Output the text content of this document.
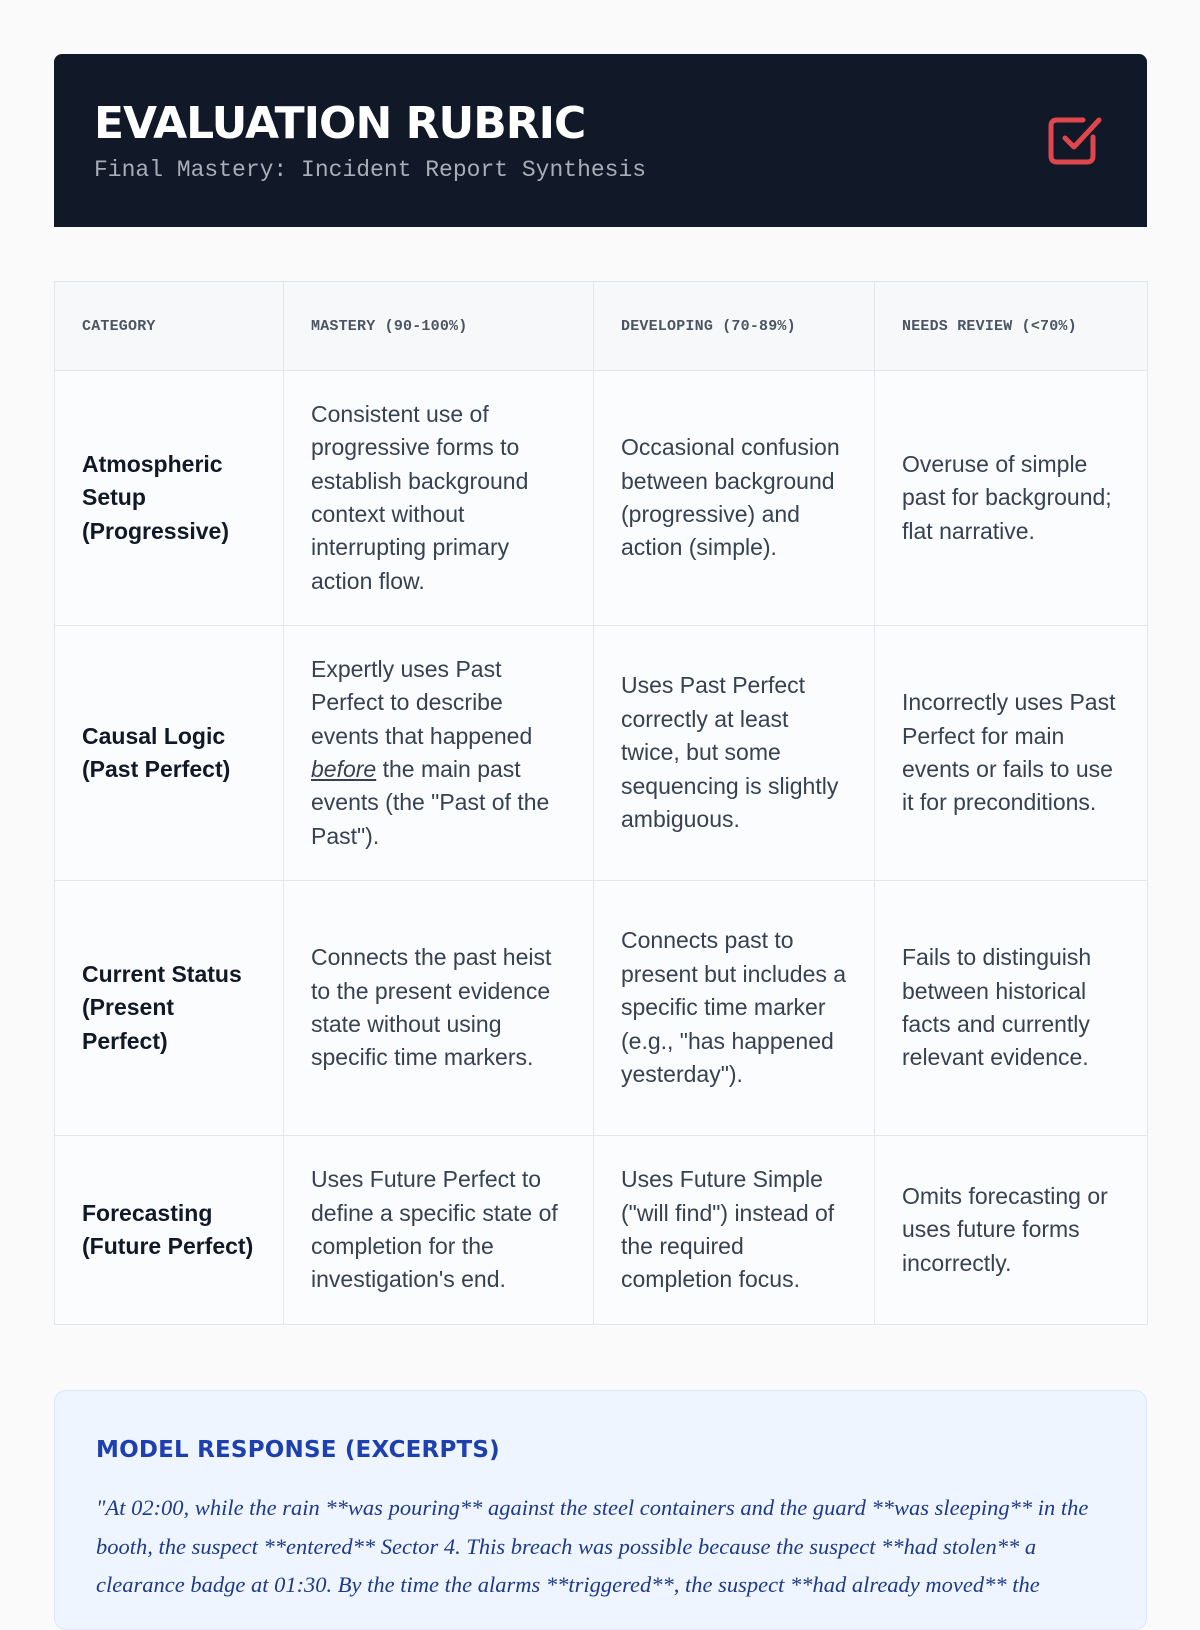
EVALUATION RUBRIC
Final Mastery: Incident Report Synthesis
CATEGORY	MASTERY (90-100%)	DEVELOPING (70-89%)	NEEDS REVIEW (<70%)
Atmospheric Setup (Progressive)	Consistent use of progressive forms to establish background context without interrupting primary action flow.	Occasional confusion between background (progressive) and action (simple).	Overuse of simple past for background; flat narrative.
Causal Logic (Past Perfect)	Expertly uses Past Perfect to describe events that happened before the main past events (the "Past of the Past").	Uses Past Perfect correctly at least twice, but some sequencing is slightly ambiguous.	Incorrectly uses Past Perfect for main events or fails to use it for preconditions.
Current Status (Present Perfect)	Connects the past heist to the present evidence state without using specific time markers.	Connects past to present but includes a specific time marker (e.g., "has happened yesterday").	Fails to distinguish between historical facts and currently relevant evidence.
Forecasting (Future Perfect)	Uses Future Perfect to define a specific state of completion for the investigation's end.	Uses Future Simple ("will find") instead of the required completion focus.	Omits forecasting or uses future forms incorrectly.
MODEL RESPONSE (EXCERPTS)

"At 02:00, while the rain **was pouring** against the steel containers and the guard **was sleeping** in the booth, the suspect **entered** Sector 4. This breach was possible because the suspect **had stolen** a clearance badge at 01:30. By the time the alarms **triggered**, the suspect **had already moved** the
